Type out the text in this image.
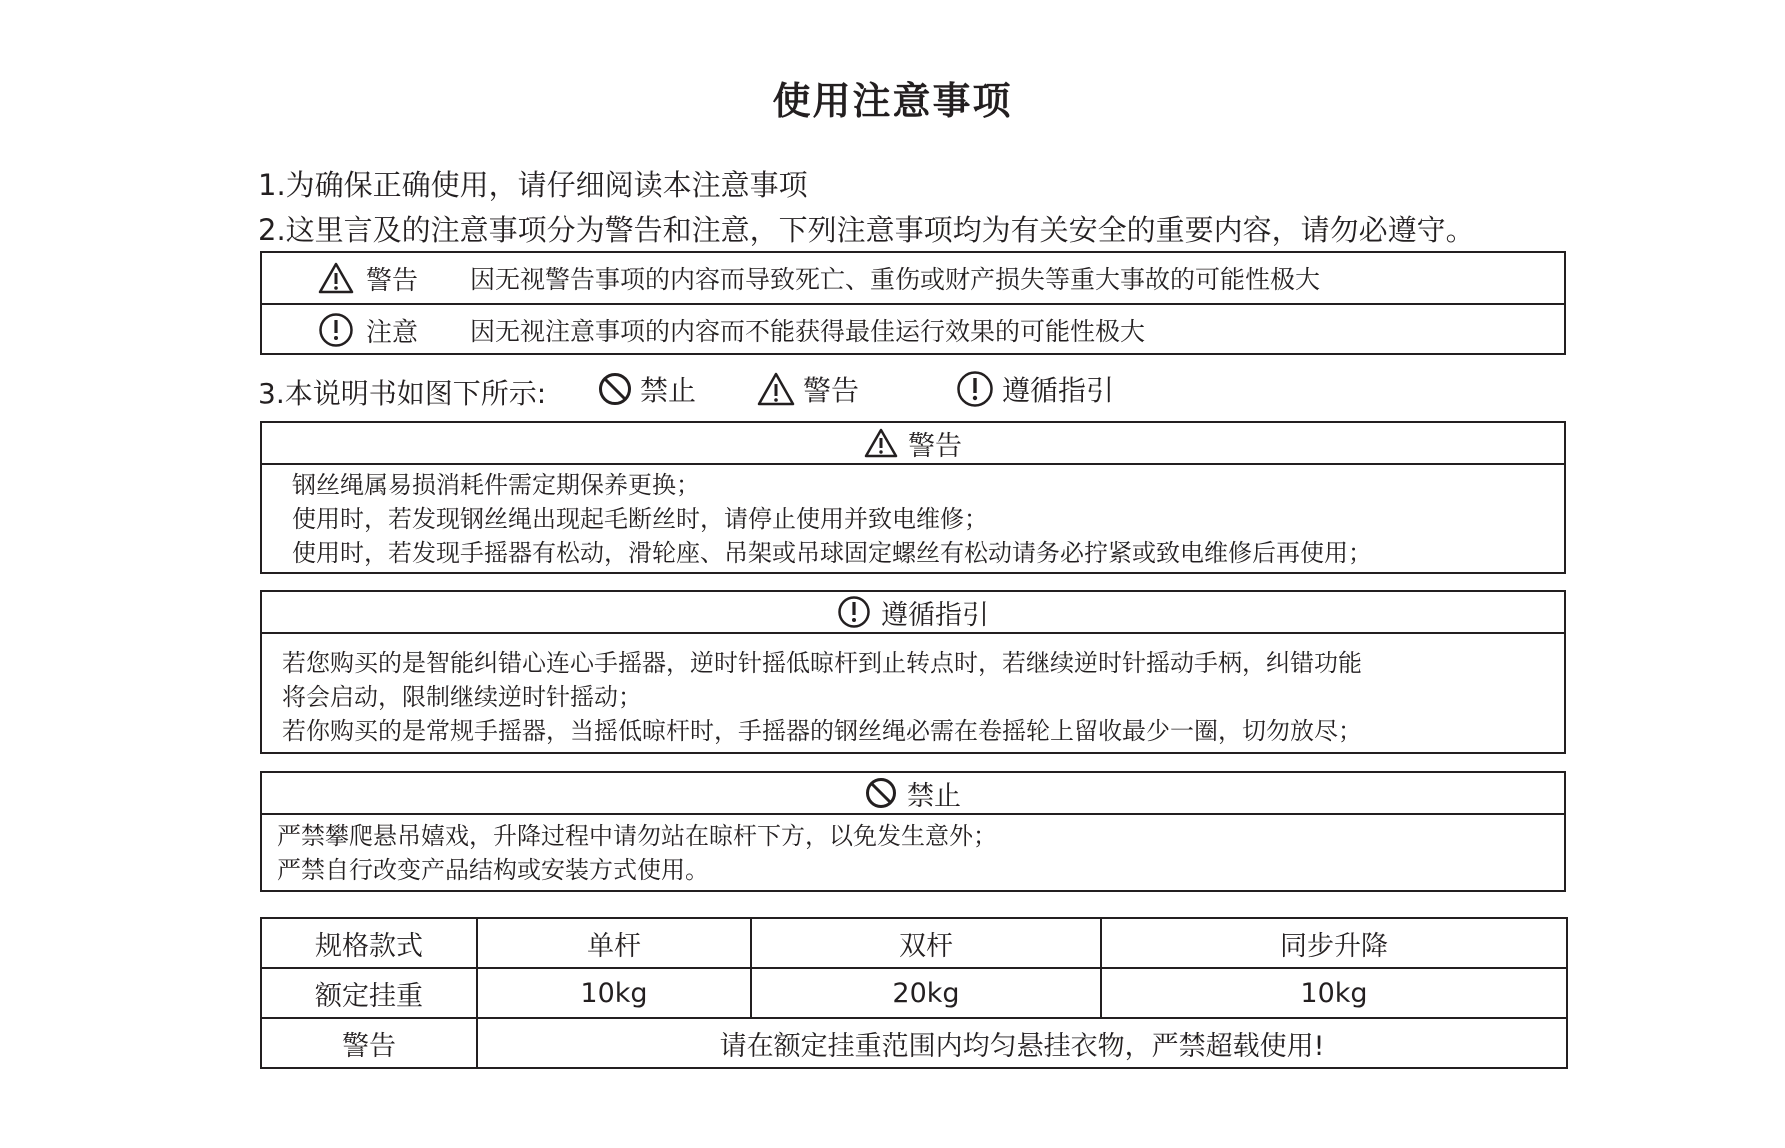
使用注意事项
1.为确保正确使用，请仔细阅读本注意事项
2.这里言及的注意事项分为警告和注意，下列注意事项均为有关安全的重要内容，请勿必遵守。
警告 因无视警告事项的内容而导致死亡、重伤或财产损失等重大事故的可能性极大
注意 因无视注意事项的内容而不能获得最佳运行效果的可能性极大
3.本说明书如图下所示:	禁止	警告	遵循指引
警告
钢丝绳属易损消耗件需定期保养更换；
使用时，若发现钢丝绳出现起毛断丝时，请停止使用并致电维修；
使用时，若发现手摇器有松动，滑轮座、吊架或吊球固定螺丝有松动请务必拧紧或致电维修后再使用；
遵循指引
若您购买的是智能纠错心连心手摇器，逆时针摇低晾杆到止转点时，若继续逆时针摇动手柄，纠错功能
将会启动，限制继续逆时针摇动；
若你购买的是常规手摇器，当摇低晾杆时，手摇器的钢丝绳必需在卷摇轮上留收最少一圈，切勿放尽；
禁止
严禁攀爬悬吊嬉戏，升降过程中请勿站在晾杆下方，以免发生意外；
严禁自行改变产品结构或安装方式使用。
规格款式	单杆	双杆	同步升降
额定挂重	10kg	20kg	10kg
警告	请在额定挂重范围内均匀悬挂衣物，严禁超载使用!		
